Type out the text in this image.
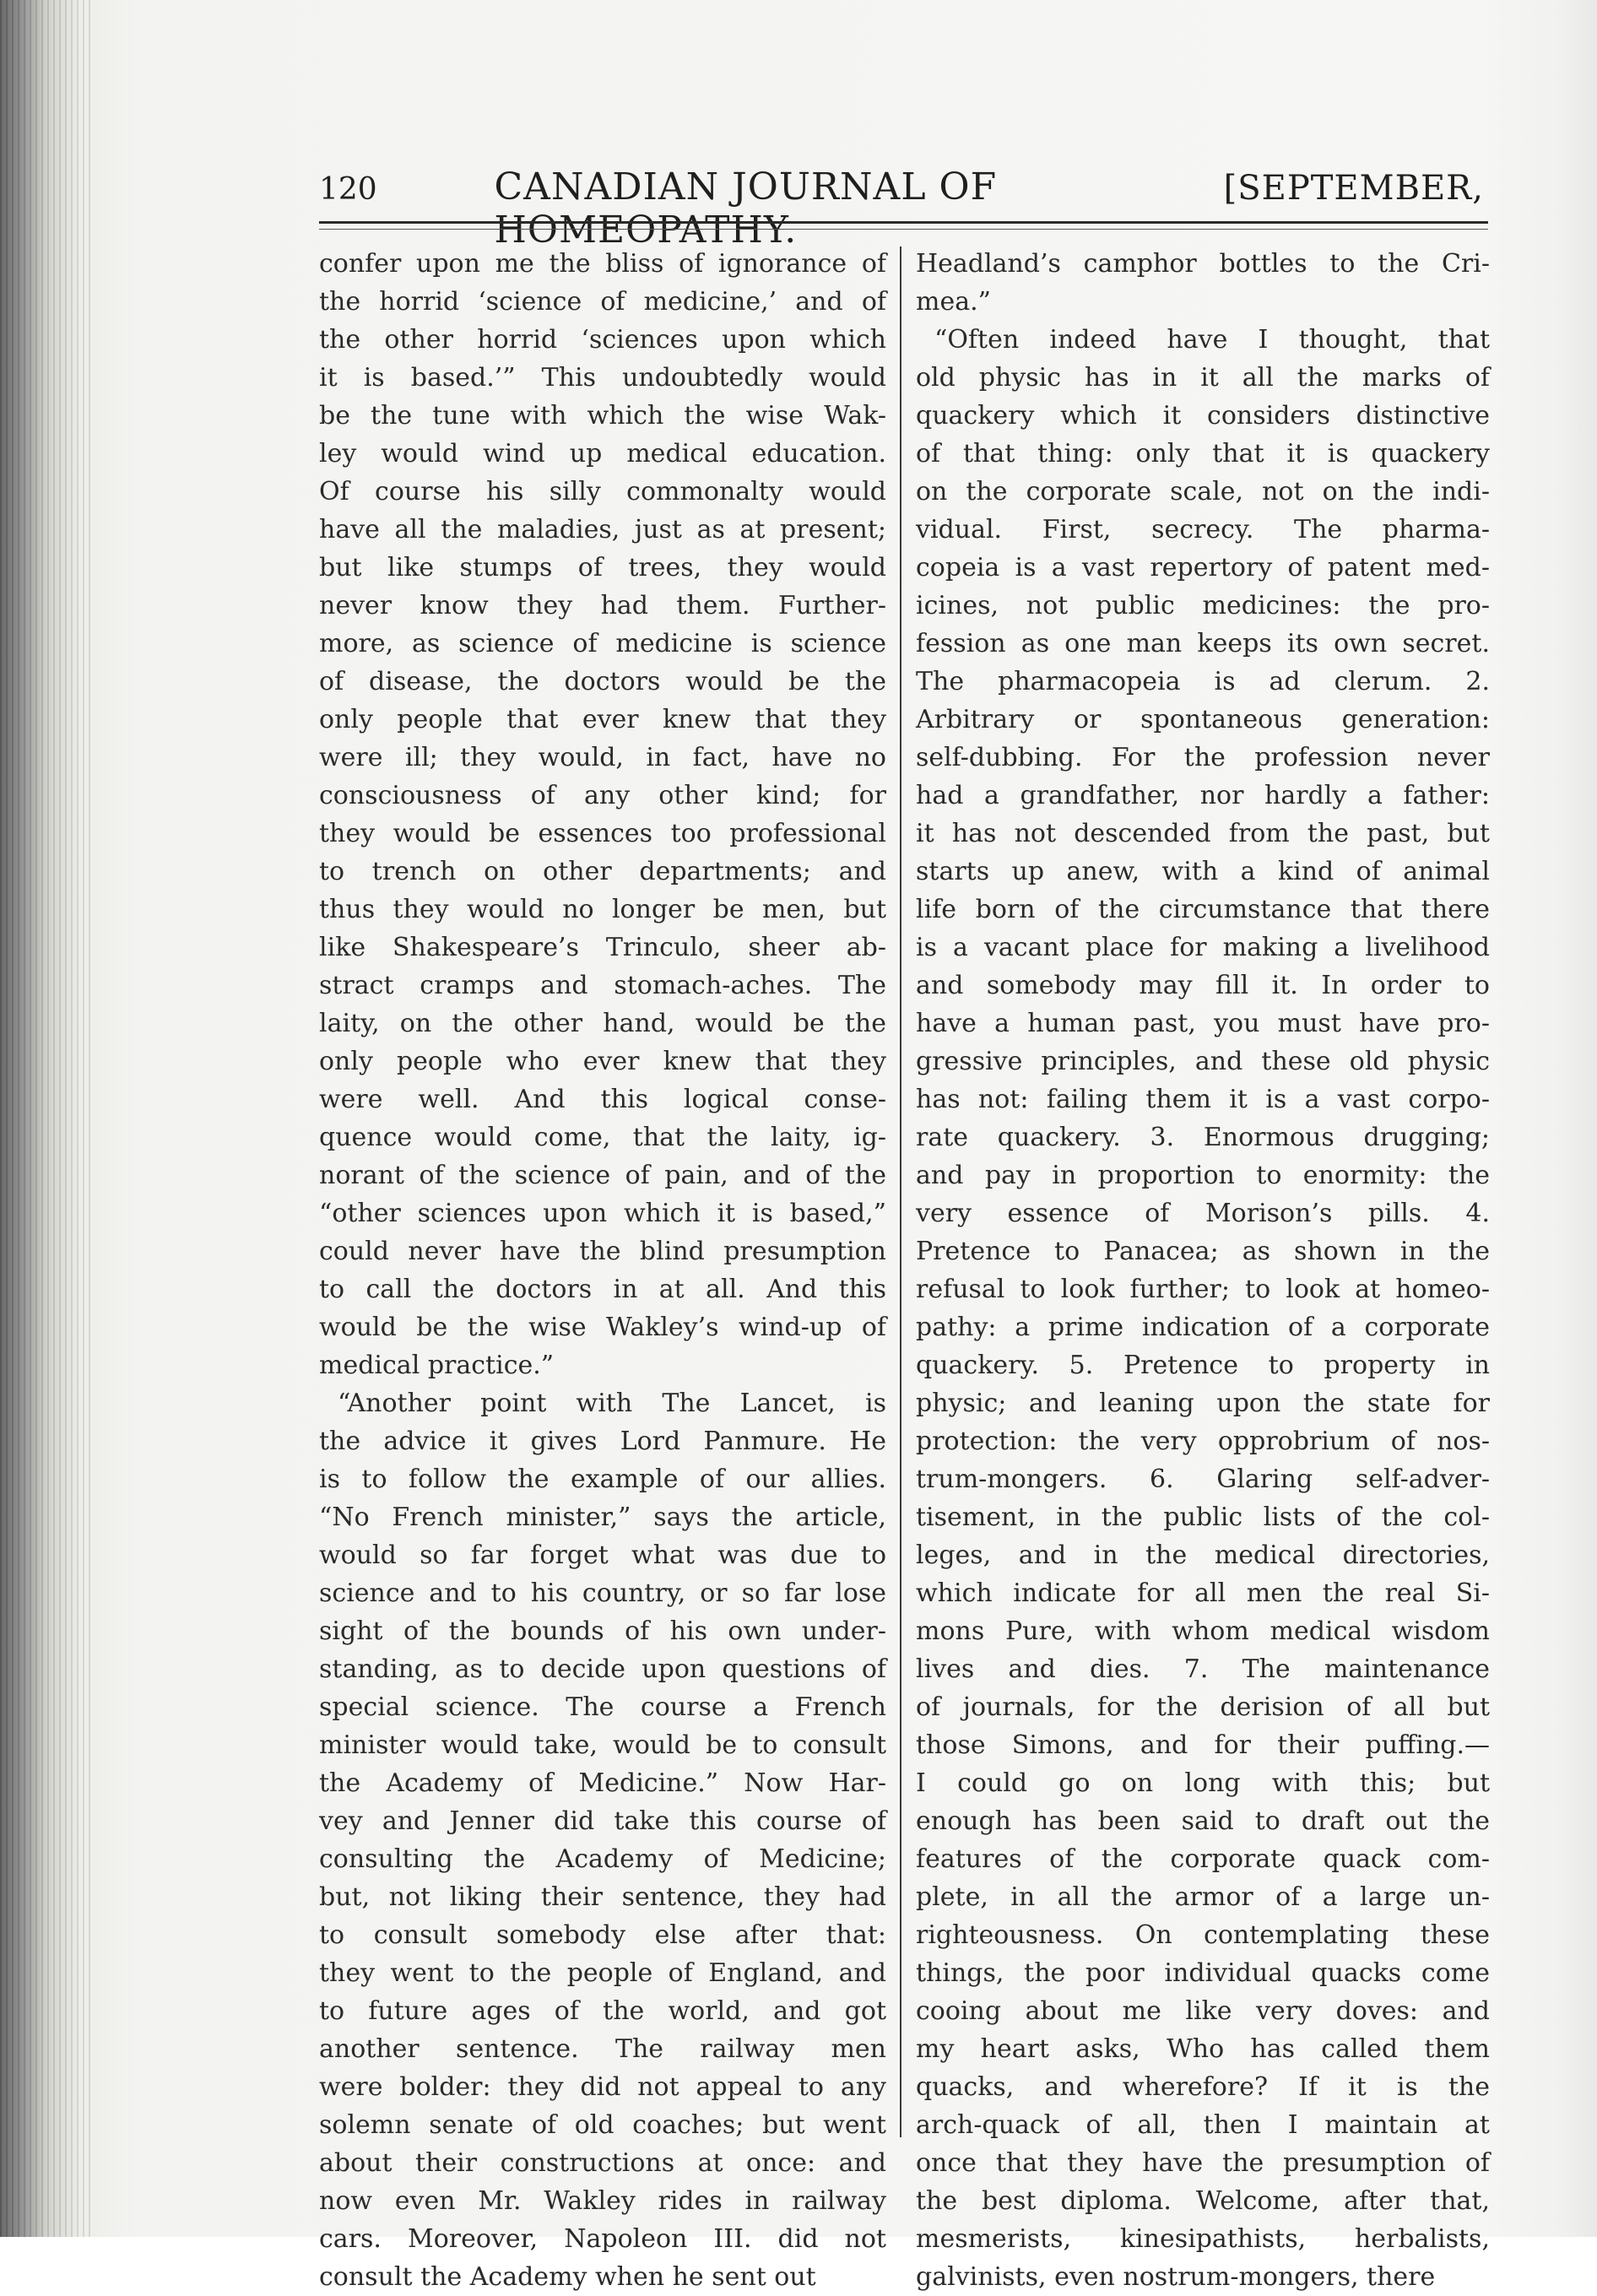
120	CANADIAN JOURNAL OF HOMEOPATHY.
[SEPTEMBER,
confer upon me the bliss of ignorance of
the horrid ‘science of medicine,’ and of
the other horrid ‘sciences upon which
it is based.’” This undoubtedly would
be the tune with which the wise Wak-
ley would wind up medical education.
Of course his silly commonalty would
have all the maladies, just as at present;
but like stumps of trees, they would
never know they had them. Further-
more, as science of medicine is science
of disease, the doctors would be the
only people that ever knew that they
were ill; they would, in fact, have no
consciousness of any other kind; for
they would be essences too professional
to trench on other departments; and
thus they would no longer be men, but
like Shakespeare’s Trinculo, sheer ab-
stract cramps and stomach-aches. The
laity, on the other hand, would be the
only people who ever knew that they
were well. And this logical conse-
quence would come, that the laity, ig-
norant of the science of pain, and of the
“other sciences upon which it is based,”
could never have the blind presumption
to call the doctors in at all. And this
would be the wise Wakley’s wind-up of
medical practice.”
“Another point with The Lancet, is
the advice it gives Lord Panmure. He
is to follow the example of our allies.
“No French minister,” says the article,
would so far forget what was due to
science and to his country, or so far lose
sight of the bounds of his own under-
standing, as to decide upon questions of
special science. The course a French
minister would take, would be to consult
the Academy of Medicine.” Now Har-
vey and Jenner did take this course of
consulting the Academy of Medicine;
but, not liking their sentence, they had
to consult somebody else after that:
they went to the people of England, and
to future ages of the world, and got
another sentence. The railway men
were bolder: they did not appeal to any
solemn senate of old coaches; but went
about their constructions at once: and
now even Mr. Wakley rides in railway
cars. Moreover, Napoleon III. did not
consult the Academy when he sent out
Headland’s camphor bottles to the Cri-
mea.”
“Often indeed have I thought, that
old physic has in it all the marks of
quackery which it considers distinctive
of that thing: only that it is quackery
on the corporate scale, not on the indi-
vidual. First, secrecy. The pharma-
copeia is a vast repertory of patent med-
icines, not public medicines: the pro-
fession as one man keeps its own secret.
The pharmacopeia is ad clerum. 2.
Arbitrary or spontaneous generation:
self-dubbing. For the profession never
had a grandfather, nor hardly a father:
it has not descended from the past, but
starts up anew, with a kind of animal
life born of the circumstance that there
is a vacant place for making a livelihood
and somebody may fill it. In order to
have a human past, you must have pro-
gressive principles, and these old physic
has not: failing them it is a vast corpo-
rate quackery. 3. Enormous drugging;
and pay in proportion to enormity: the
very essence of Morison’s pills. 4.
Pretence to Panacea; as shown in the
refusal to look further; to look at homeo-
pathy: a prime indication of a corporate
quackery. 5. Pretence to property in
physic; and leaning upon the state for
protection: the very opprobrium of nos-
trum-mongers. 6. Glaring self-adver-
tisement, in the public lists of the col-
leges, and in the medical directories,
which indicate for all men the real Si-
mons Pure, with whom medical wisdom
lives and dies. 7. The maintenance
of journals, for the derision of all but
those Simons, and for their puffing.—
I could go on long with this; but
enough has been said to draft out the
features of the corporate quack com-
plete, in all the armor of a large un-
righteousness. On contemplating these
things, the poor individual quacks come
cooing about me like very doves: and
my heart asks, Who has called them
quacks, and wherefore? If it is the
arch-quack of all, then I maintain at
once that they have the presumption of
the best diploma. Welcome, after that,
mesmerists, kinesipathists, herbalists,
galvinists, even nostrum-mongers, there
